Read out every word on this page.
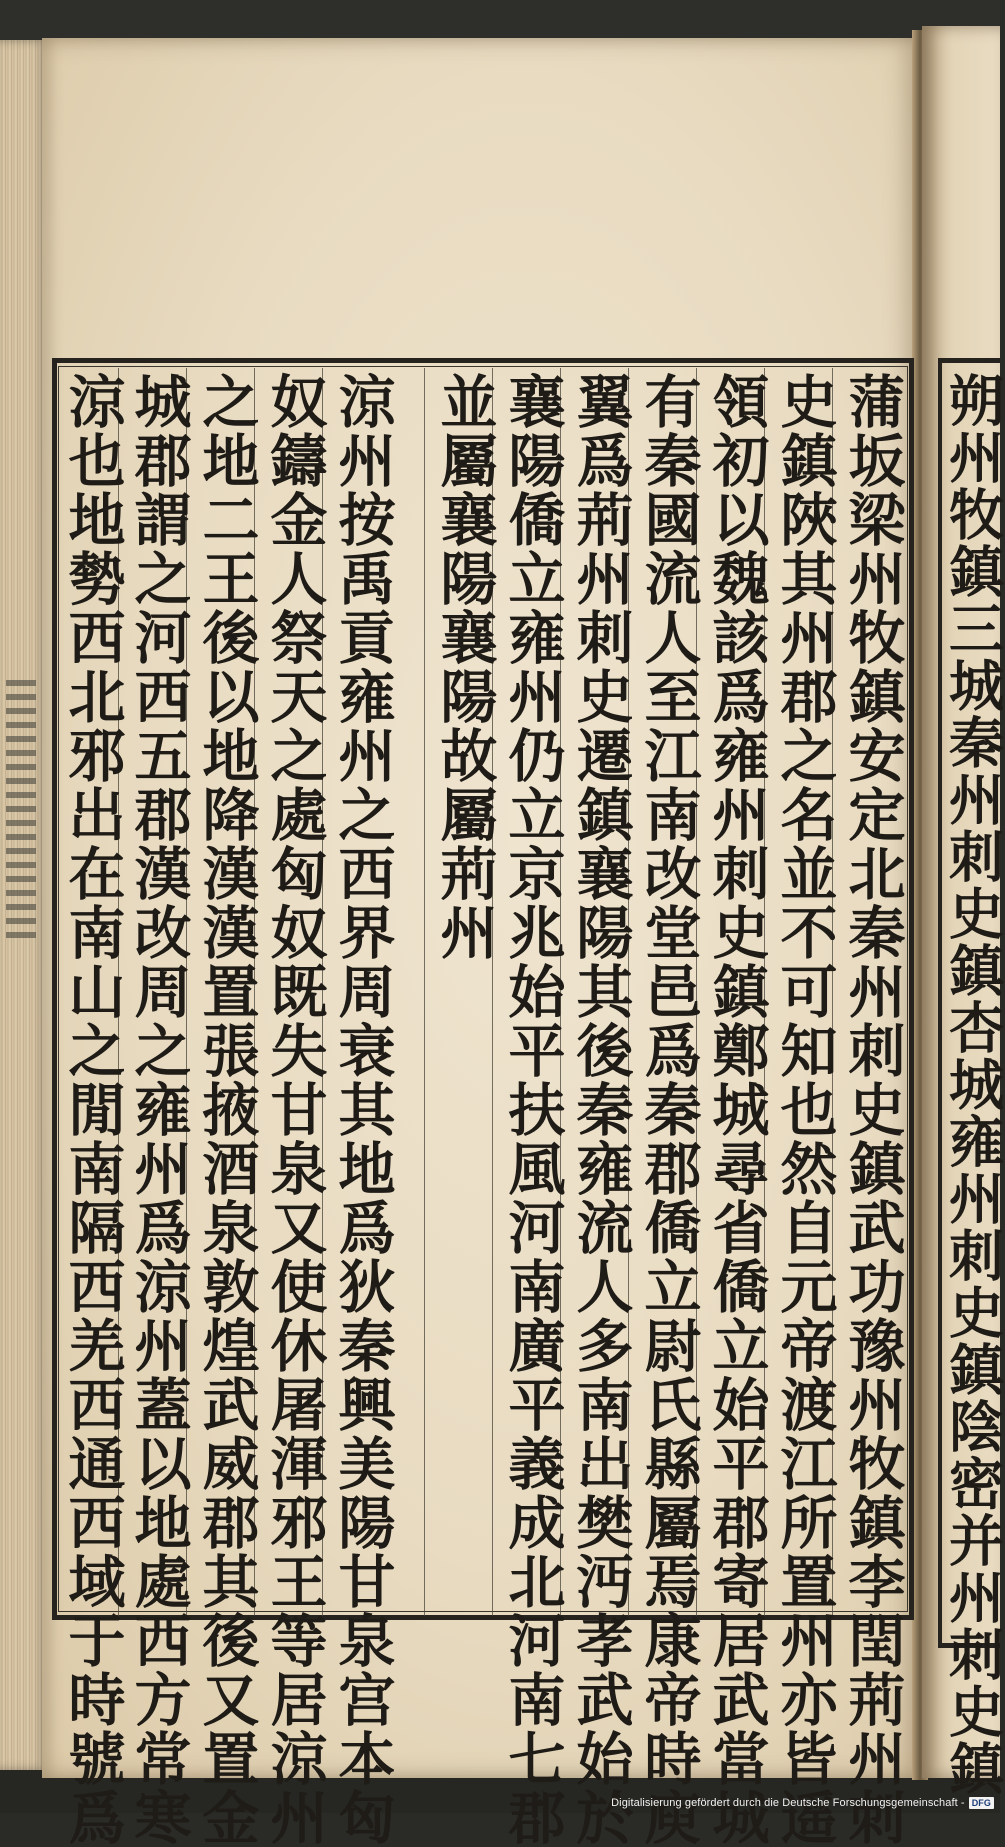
蒲坂梁州牧鎮安定北秦州刺史鎮武功豫州牧鎮李閏荊州刺
史鎮陜其州郡之名並不可知也然自元帝渡江所置州亦皆遥
領初以魏該爲雍州刺史鎮鄭城尋省僑立始平郡寄居武當城
有秦國流人至江南改堂邑爲秦郡僑立尉氏縣屬焉康帝時庾
翼爲荊州刺史遷鎮襄陽其後秦雍流人多南出樊沔孝武始於
襄陽僑立雍州仍立京兆始平扶風河南廣平義成北河南七郡
並屬襄陽襄陽故屬荊州
涼州按禹貢雍州之西界周衰其地爲狄秦興美陽甘泉宫本匈
奴鑄金人祭天之處匈奴既失甘泉又使休屠渾邪王等居涼州
之地二王後以地降漢漢置張掖酒泉敦煌武威郡其後又置金
城郡謂之河西五郡漢改周之雍州爲涼州蓋以地處西方常寒
涼也地勢西北邪出在南山之閒南隔西羌西通西域于時號爲	朔州牧鎮三城秦州刺史鎮杏城雍州刺史鎮陰密并州刺史鎮
Digitalisierung gefördert durch die Deutsche Forschungsgemeinschaft - DFG
